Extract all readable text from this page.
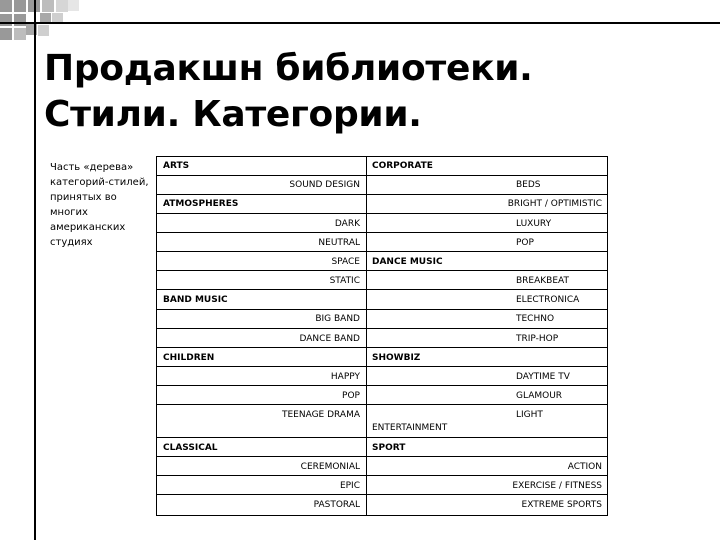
Продакшн библиотеки.
Стили. Категории.
Часть «дерева» категорий-стилей, принятых во многих американских студиях
ARTS
SOUND DESIGN
ATMOSPHERES
DARK
NEUTRAL
SPACE
STATIC
BAND MUSIC
BIG BAND
DANCE BAND
CHILDREN
HAPPY
POP
TEENAGE DRAMA
CLASSICAL
CEREMONIAL
EPIC
PASTORAL
CORPORATE
BEDS
BRIGHT / OPTIMISTIC
LUXURY
POP
DANCE MUSIC
BREAKBEAT
ELECTRONICA
TECHNO
TRIP-HOP
SHOWBIZ
DAYTIME TV
GLAMOUR
LIGHT
ENTERTAINMENT
SPORT
ACTION
EXERCISE / FITNESS
EXTREME SPORTS
